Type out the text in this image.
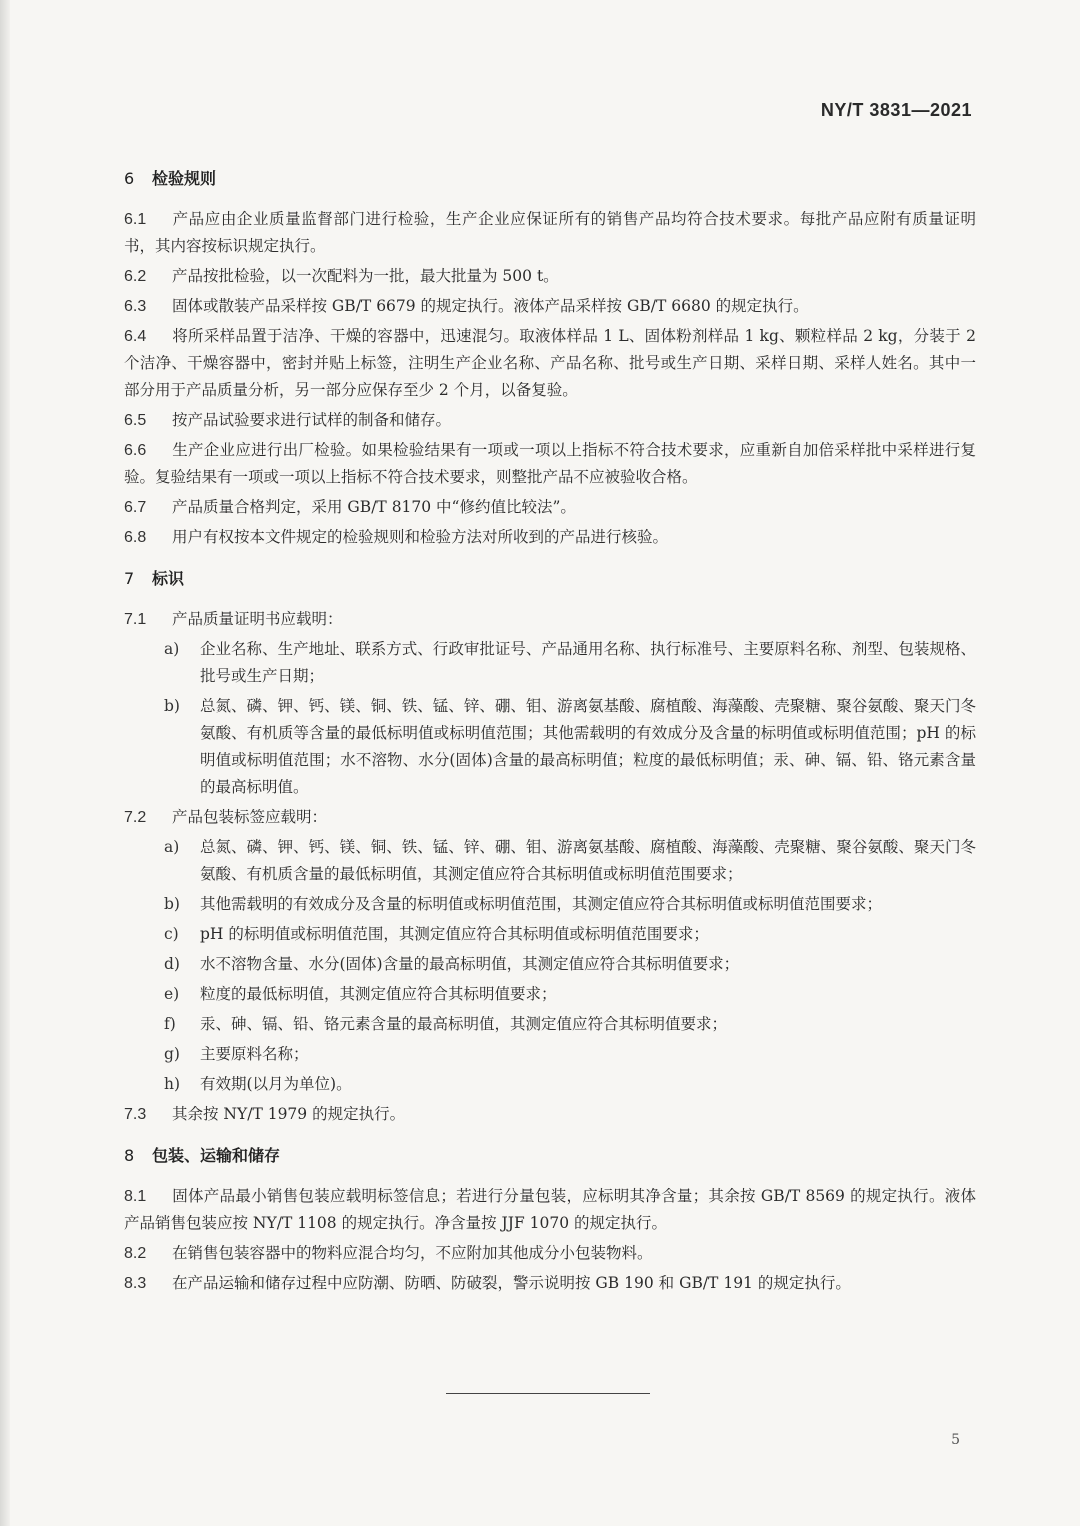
NY/T 3831—2021
6 检验规则
6.1 产品应由企业质量监督部门进行检验，生产企业应保证所有的销售产品均符合技术要求。每批产品应附有质量证明书，其内容按标识规定执行。
6.2 产品按批检验，以一次配料为一批，最大批量为 500 t。
6.3 固体或散装产品采样按 GB/T 6679 的规定执行。液体产品采样按 GB/T 6680 的规定执行。
6.4 将所采样品置于洁净、干燥的容器中，迅速混匀。取液体样品 1 L、固体粉剂样品 1 kg、颗粒样品 2 kg，分装于 2 个洁净、干燥容器中，密封并贴上标签，注明生产企业名称、产品名称、批号或生产日期、采样日期、采样人姓名。其中一部分用于产品质量分析，另一部分应保存至少 2 个月，以备复验。
6.5 按产品试验要求进行试样的制备和储存。
6.6 生产企业应进行出厂检验。如果检验结果有一项或一项以上指标不符合技术要求，应重新自加倍采样批中采样进行复验。复验结果有一项或一项以上指标不符合技术要求，则整批产品不应被验收合格。
6.7 产品质量合格判定，采用 GB/T 8170 中“修约值比较法”。
6.8 用户有权按本文件规定的检验规则和检验方法对所收到的产品进行核验。
7 标识
7.1 产品质量证明书应载明：
a) 企业名称、生产地址、联系方式、行政审批证号、产品通用名称、执行标准号、主要原料名称、剂型、包装规格、批号或生产日期；
b) 总氮、磷、钾、钙、镁、铜、铁、锰、锌、硼、钼、游离氨基酸、腐植酸、海藻酸、壳聚糖、聚谷氨酸、聚天门冬氨酸、有机质等含量的最低标明值或标明值范围；其他需载明的有效成分及含量的标明值或标明值范围；pH 的标明值或标明值范围；水不溶物、水分(固体)含量的最高标明值；粒度的最低标明值；汞、砷、镉、铅、铬元素含量的最高标明值。
7.2 产品包装标签应载明：
a) 总氮、磷、钾、钙、镁、铜、铁、锰、锌、硼、钼、游离氨基酸、腐植酸、海藻酸、壳聚糖、聚谷氨酸、聚天门冬氨酸、有机质含量的最低标明值，其测定值应符合其标明值或标明值范围要求；
b) 其他需载明的有效成分及含量的标明值或标明值范围，其测定值应符合其标明值或标明值范围要求；
c) pH 的标明值或标明值范围，其测定值应符合其标明值或标明值范围要求；
d) 水不溶物含量、水分(固体)含量的最高标明值，其测定值应符合其标明值要求；
e) 粒度的最低标明值，其测定值应符合其标明值要求；
f) 汞、砷、镉、铅、铬元素含量的最高标明值，其测定值应符合其标明值要求；
g) 主要原料名称；
h) 有效期(以月为单位)。
7.3 其余按 NY/T 1979 的规定执行。
8 包装、运输和储存
8.1 固体产品最小销售包装应载明标签信息；若进行分量包装，应标明其净含量；其余按 GB/T 8569 的规定执行。液体产品销售包装应按 NY/T 1108 的规定执行。净含量按 JJF 1070 的规定执行。
8.2 在销售包装容器中的物料应混合均匀，不应附加其他成分小包装物料。
8.3 在产品运输和储存过程中应防潮、防晒、防破裂，警示说明按 GB 190 和 GB/T 191 的规定执行。
5
